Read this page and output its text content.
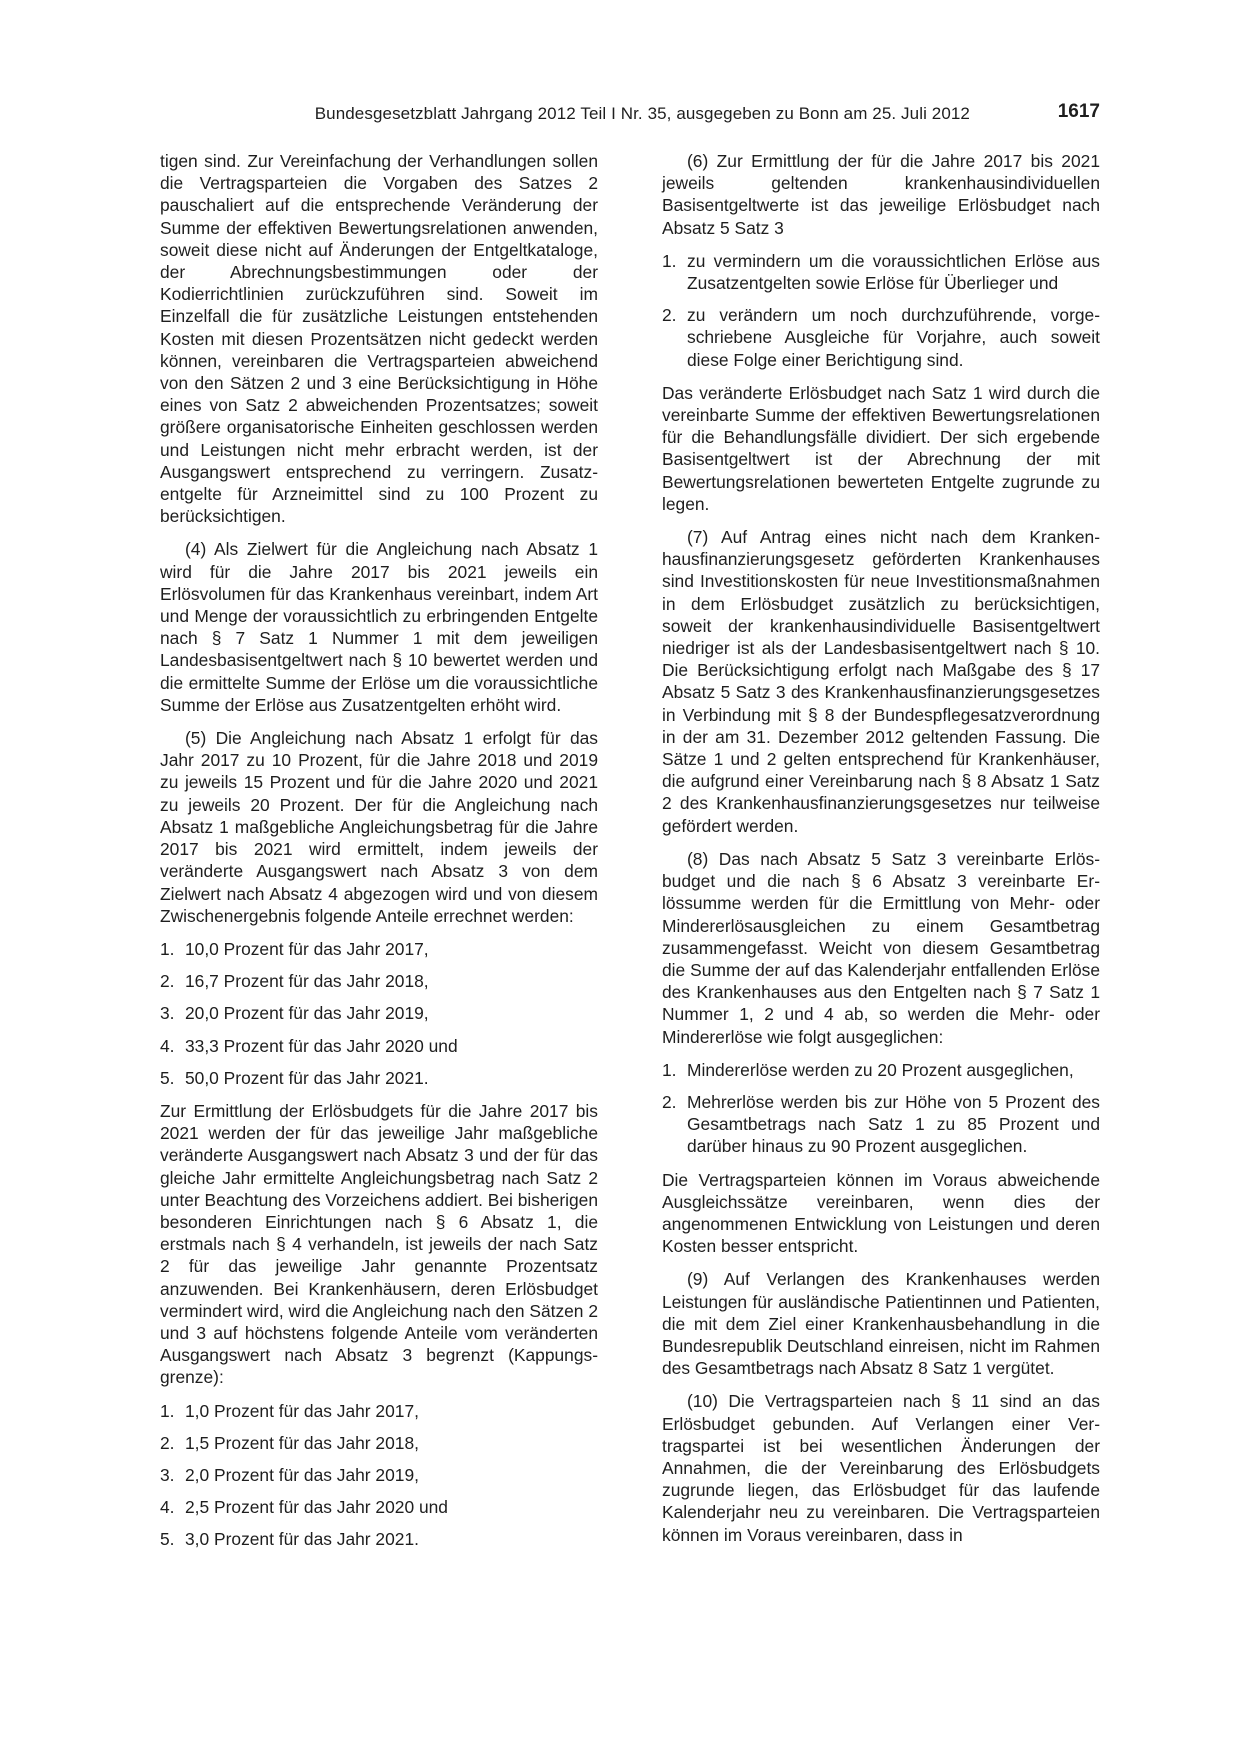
Bundesgesetzblatt Jahrgang 2012 Teil I Nr. 35, ausgegeben zu Bonn am 25. Juli 2012	1617

tigen sind. Zur Vereinfachung der Verhandlungen sollen die Vertragsparteien die Vorgaben des Satzes 2 pauschaliert auf die entsprechende Veränderung der Summe der effektiven Bewertungsrelationen anwenden, soweit diese nicht auf Änderungen der Entgeltkataloge, der Abrechnungsbestimmungen oder der Kodierrichtlinien zurückzuführen sind. Soweit im Einzelfall die für zusätzliche Leistungen entstehenden Kosten mit diesen Prozentsätzen nicht gedeckt werden können, vereinbaren die Vertragsparteien abweichend von den Sätzen 2 und 3 eine Berücksichtigung in Höhe eines von Satz 2 abweichenden Prozentsatzes; soweit größere organisatorische Einheiten geschlossen werden und Leistungen nicht mehr erbracht werden, ist der Ausgangswert entsprechend zu verringern. Zusatzentgelte für Arzneimittel sind zu 100 Prozent zu berücksichtigen.

(4) Als Zielwert für die Angleichung nach Absatz 1 wird für die Jahre 2017 bis 2021 jeweils ein Erlösvolumen für das Krankenhaus vereinbart, indem Art und Menge der voraussichtlich zu erbringenden Entgelte nach § 7 Satz 1 Nummer 1 mit dem jeweiligen Landesbasisentgeltwert nach § 10 bewertet werden und die ermittelte Summe der Erlöse um die voraussichtliche Summe der Erlöse aus Zusatzentgelten erhöht wird.

(5) Die Angleichung nach Absatz 1 erfolgt für das Jahr 2017 zu 10 Prozent, für die Jahre 2018 und 2019 zu jeweils 15 Prozent und für die Jahre 2020 und 2021 zu jeweils 20 Prozent. Der für die Angleichung nach Absatz 1 maßgebliche Angleichungsbetrag für die Jahre 2017 bis 2021 wird ermittelt, indem jeweils der veränderte Ausgangswert nach Absatz 3 von dem Zielwert nach Absatz 4 abgezogen wird und von diesem Zwischenergebnis folgende Anteile errechnet werden:

1. 10,0 Prozent für das Jahr 2017,
2. 16,7 Prozent für das Jahr 2018,
3. 20,0 Prozent für das Jahr 2019,
4. 33,3 Prozent für das Jahr 2020 und
5. 50,0 Prozent für das Jahr 2021.

Zur Ermittlung der Erlösbudgets für die Jahre 2017 bis 2021 werden der für das jeweilige Jahr maßgebliche veränderte Ausgangswert nach Absatz 3 und der für das gleiche Jahr ermittelte Angleichungsbetrag nach Satz 2 unter Beachtung des Vorzeichens addiert. Bei bisherigen besonderen Einrichtungen nach § 6 Absatz 1, die erstmals nach § 4 verhandeln, ist jeweils der nach Satz 2 für das jeweilige Jahr genannte Prozentsatz anzuwenden. Bei Krankenhäusern, deren Erlösbudget vermindert wird, wird die Angleichung nach den Sätzen 2 und 3 auf höchstens folgende Anteile vom veränderten Ausgangswert nach Absatz 3 begrenzt (Kappungsgrenze):

1. 1,0 Prozent für das Jahr 2017,
2. 1,5 Prozent für das Jahr 2018,
3. 2,0 Prozent für das Jahr 2019,
4. 2,5 Prozent für das Jahr 2020 und
5. 3,0 Prozent für das Jahr 2021.

(6) Zur Ermittlung der für die Jahre 2017 bis 2021 jeweils geltenden krankenhausindividuellen Basisentgeltwerte ist das jeweilige Erlösbudget nach Absatz 5 Satz 3

1. zu vermindern um die voraussichtlichen Erlöse aus Zusatzentgelten sowie Erlöse für Überlieger und
2. zu verändern um noch durchzuführende, vorgeschriebene Ausgleiche für Vorjahre, auch soweit diese Folge einer Berichtigung sind.

Das veränderte Erlösbudget nach Satz 1 wird durch die vereinbarte Summe der effektiven Bewertungsrelationen für die Behandlungsfälle dividiert. Der sich ergebende Basisentgeltwert ist der Abrechnung der mit Bewertungsrelationen bewerteten Entgelte zugrunde zu legen.

(7) Auf Antrag eines nicht nach dem Krankenhausfinanzierungsgesetz geförderten Krankenhauses sind Investitionskosten für neue Investitionsmaßnahmen in dem Erlösbudget zusätzlich zu berücksichtigen, soweit der krankenhausindividuelle Basisentgeltwert niedriger ist als der Landesbasisentgeltwert nach § 10. Die Berücksichtigung erfolgt nach Maßgabe des § 17 Absatz 5 Satz 3 des Krankenhausfinanzierungsgesetzes in Verbindung mit § 8 der Bundespflegesatzverordnung in der am 31. Dezember 2012 geltenden Fassung. Die Sätze 1 und 2 gelten entsprechend für Krankenhäuser, die aufgrund einer Vereinbarung nach § 8 Absatz 1 Satz 2 des Krankenhausfinanzierungsgesetzes nur teilweise gefördert werden.

(8) Das nach Absatz 5 Satz 3 vereinbarte Erlösbudget und die nach § 6 Absatz 3 vereinbarte Erlössumme werden für die Ermittlung von Mehr- oder Mindererlösausgleichen zu einem Gesamtbetrag zusammengefasst. Weicht von diesem Gesamtbetrag die Summe der auf das Kalenderjahr entfallenden Erlöse des Krankenhauses aus den Entgelten nach § 7 Satz 1 Nummer 1, 2 und 4 ab, so werden die Mehr- oder Mindererlöse wie folgt ausgeglichen:

1. Mindererlöse werden zu 20 Prozent ausgeglichen,
2. Mehrerlöse werden bis zur Höhe von 5 Prozent des Gesamtbetrags nach Satz 1 zu 85 Prozent und darüber hinaus zu 90 Prozent ausgeglichen.

Die Vertragsparteien können im Voraus abweichende Ausgleichssätze vereinbaren, wenn dies der angenommenen Entwicklung von Leistungen und deren Kosten besser entspricht.

(9) Auf Verlangen des Krankenhauses werden Leistungen für ausländische Patientinnen und Patienten, die mit dem Ziel einer Krankenhausbehandlung in die Bundesrepublik Deutschland einreisen, nicht im Rahmen des Gesamtbetrags nach Absatz 8 Satz 1 vergütet.

(10) Die Vertragsparteien nach § 11 sind an das Erlösbudget gebunden. Auf Verlangen einer Vertragspartei ist bei wesentlichen Änderungen der Annahmen, die der Vereinbarung des Erlösbudgets zugrunde liegen, das Erlösbudget für das laufende Kalenderjahr neu zu vereinbaren. Die Vertragsparteien können im Voraus vereinbaren, dass in
